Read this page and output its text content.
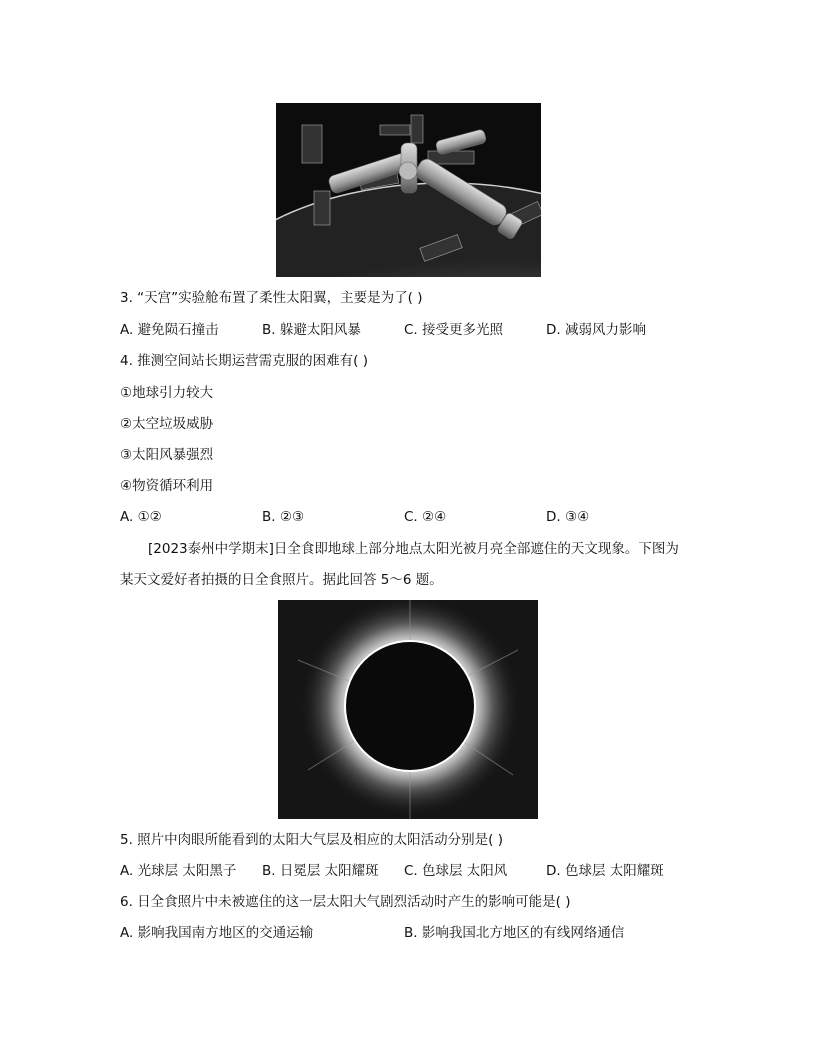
3. “天宫”实验舱布置了柔性太阳翼，主要是为了( )
A. 避免陨石撞击	B. 躲避太阳风暴	C. 接受更多光照	D. 减弱风力影响
4. 推测空间站长期运营需克服的困难有( )
①地球引力较大
②太空垃圾威胁
③太阳风暴强烈
④物资循环利用
A. ①②	B. ②③	C. ②④	D. ③④
[2023泰州中学期末]日全食即地球上部分地点太阳光被月亮全部遮住的天文现象。下图为
某天文爱好者拍摄的日全食照片。据此回答 5～6 题。
5. 照片中肉眼所能看到的太阳大气层及相应的太阳活动分别是( )
A. 光球层 太阳黑子 B. 日冕层 太阳耀斑 C. 色球层 太阳风	D. 色球层 太阳耀斑
6. 日全食照片中未被遮住的这一层太阳大气剧烈活动时产生的影响可能是( )
A. 影响我国南方地区的交通运输	B. 影响我国北方地区的有线网络通信
